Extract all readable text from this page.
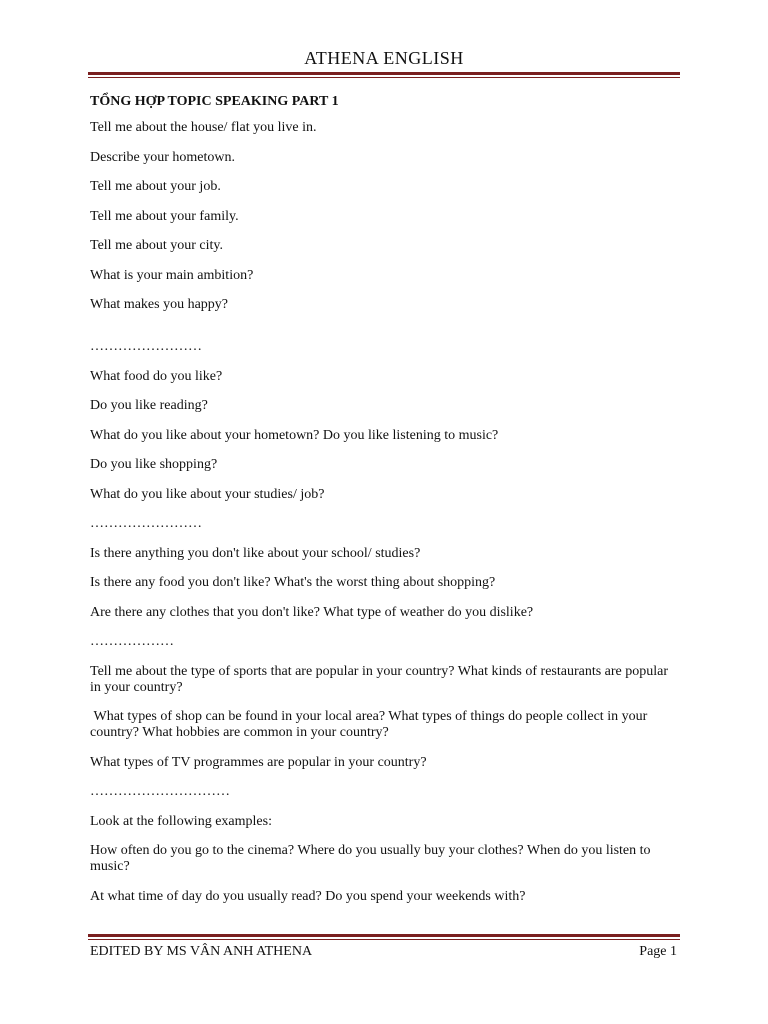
ATHENA ENGLISH
TỔNG HỢP TOPIC SPEAKING PART 1
Tell me about the house/ flat you live in.
Describe your hometown.
Tell me about your job.
Tell me about your family.
Tell me about your city.
What is your main ambition?
What makes you happy?
……………………
What food do you like?
Do you like reading?
What do you like about your hometown? Do you like listening to music?
Do you like shopping?
What do you like about your studies/ job?
……………………
Is there anything you don't like about your school/ studies?
Is there any food you don't like? What's the worst thing about shopping?
Are there any clothes that you don't like? What type of weather do you dislike?
………………
Tell me about the type of sports that are popular in your country? What kinds of restaurants are popular in your country?
What types of shop can be found in your local area? What types of things do people collect in your country? What hobbies are common in your country?
What types of TV programmes are popular in your country?
…………………………
Look at the following examples:
How often do you go to the cinema? Where do you usually buy your clothes? When do you listen to music?
At what time of day do you usually read? Do you spend your weekends with?
EDITED BY MS VÂN ANH ATHENA	Page 1
